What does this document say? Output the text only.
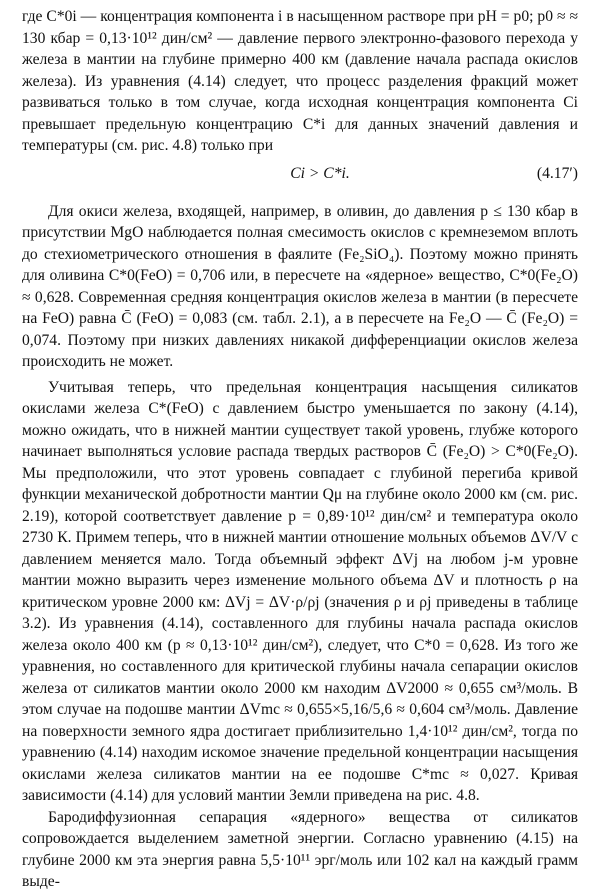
где C*0i — концентрация компонента i в насыщенном растворе при pH = p0; p0 ≈ ≈ 130 кбар = 0,13·10¹² дин/см² — давление первого электронно-фазового перехода у железа в мантии на глубине примерно 400 км (давление начала распада окислов железа). Из уравнения (4.14) следует, что процесс разделения фракций может развиваться только в том случае, когда исходная концентрация компонента Ci превышает предельную концентрацию C*i для данных значений давления и температуры (см. рис. 4.8) только при

Ci > C*i.	(4.17′)

Для окиси железа, входящей, например, в оливин, до давления p ≤ 130 кбар в присутствии MgO наблюдается полная смесимость окислов с кремнеземом вплоть до стехиометрического отношения в фаялите (Fe₂SiO₄). Поэтому можно принять для оливина C*0(FeO) = 0,706 или, в пересчете на «ядерное» вещество, C*0(Fe₂O) ≈ 0,628. Современная средняя концентрация окислов железа в мантии (в пересчете на FeO) равна C̄ (FeO) = 0,083 (см. табл. 2.1), а в пересчете на Fe₂O — C̄ (Fe₂O) = 0,074. Поэтому при низких давлениях никакой дифференциации окислов железа происходить не может.

Учитывая теперь, что предельная концентрация насыщения силикатов окислами железа C*(FeO) с давлением быстро уменьшается по закону (4.14), можно ожидать, что в нижней мантии существует такой уровень, глубже которого начинает выполняться условие распада твердых растворов C̄ (Fe₂O) > C*0(Fe₂O). Мы предположили, что этот уровень совпадает с глубиной перегиба кривой функции механической добротности мантии Qμ на глубине около 2000 км (см. рис. 2.19), которой соответствует давление p = 0,89·10¹² дин/см² и температура около 2730 К. Примем теперь, что в нижней мантии отношение мольных объемов ΔV/V с давлением меняется мало. Тогда объемный эффект ΔVj на любом j-м уровне мантии можно выразить через изменение мольного объема ΔV и плотность ρ на критическом уровне 2000 км: ΔVj = ΔV·ρ/ρj (значения ρ и ρj приведены в таблице 3.2). Из уравнения (4.14), составленного для глубины начала распада окислов железа около 400 км (p ≈ 0,13·10¹² дин/см²), следует, что C*0 = 0,628. Из того же уравнения, но составленного для критической глубины начала сепарации окислов железа от силикатов мантии около 2000 км находим ΔV2000 ≈ 0,655 см³/моль. В этом случае на подошве мантии ΔVmc ≈ 0,655×5,16/5,6 ≈ 0,604 см³/моль. Давление на поверхности земного ядра достигает приблизительно 1,4·10¹² дин/см², тогда по уравнению (4.14) находим искомое значение предельной концентрации насыщения окислами железа силикатов мантии на ее подошве C*mc ≈ 0,027. Кривая зависимости (4.14) для условий мантии Земли приведена на рис. 4.8.

Бародиффузионная сепарация «ядерного» вещества от силикатов сопровождается выделением заметной энергии. Согласно уравнению (4.15) на глубине 2000 км эта энергия равна 5,5·10¹¹ эрг/моль или 102 кал на каждый грамм выде-
